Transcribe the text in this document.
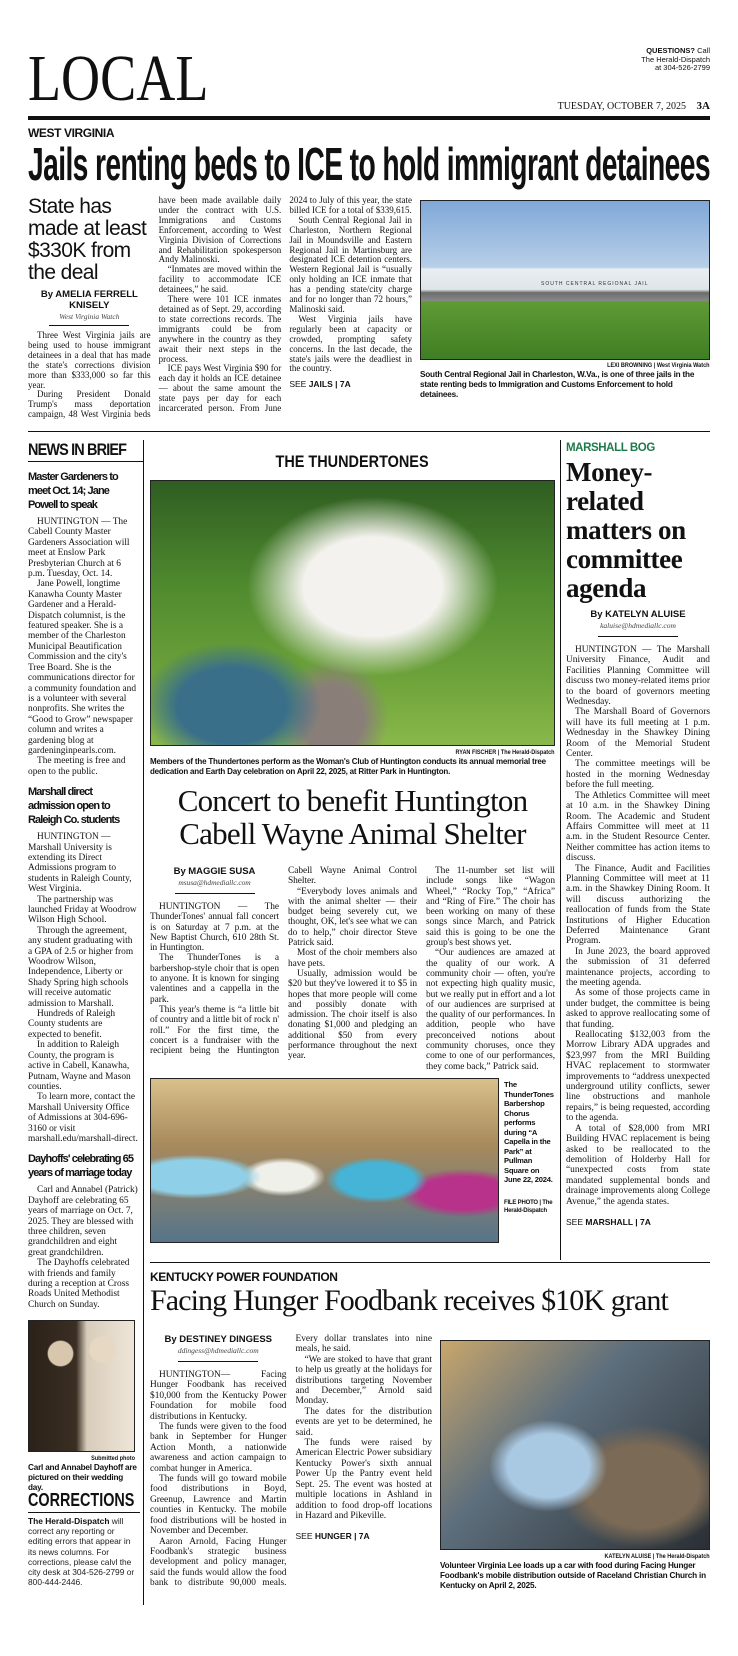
LOCAL	QUESTIONS? Call
The Herald-Dispatch
at 304-526-2799
TUESDAY, OCTOBER 7, 2025 3A
WEST VIRGINIA
Jails renting beds to ICE to hold immigrant detainees
State has made at least $330K from the deal
By AMELIA FERRELL KNISELY
West Virginia Watch

Three West Virginia jails are being used to house immigrant detainees in a deal that has made the state's corrections division more than $333,000 so far this year.

During President Donald Trump's mass deportation campaign, 48 West Virginia beds have been made available daily under the contract with U.S. Immigrations and Customs Enforcement, according to West Virginia Division of Corrections and Rehabilitation spokesperson Andy Malinoski.

“Inmates are moved within the facility to accommodate ICE detainees,” he said.

There were 101 ICE inmates detained as of Sept. 29, according to state corrections records. The immigrants could be from anywhere in the country as they await their next steps in the process.

ICE pays West Virginia $90 for each day it holds an ICE detainee — about the same amount the state pays per day for each incarcerated person. From June 2024 to July of this year, the state billed ICE for a total of $339,615.

South Central Regional Jail in Charleston, Northern Regional Jail in Moundsville and Eastern Regional Jail in Martinsburg are designated ICE detention centers. Western Regional Jail is “usually only holding an ICE inmate that has a pending state/city charge and for no longer than 72 hours,” Malinoski said.

West Virginia jails have regularly been at capacity or crowded, prompting safety concerns. In the last decade, the state's jails were the deadliest in the country.

SEE JAILS | 7A
SOUTH CENTRAL REGIONAL JAIL
LEXI BROWNING | West Virginia Watch
South Central Regional Jail in Charleston, W.Va., is one of three jails in the state renting beds to Immigration and Customs Enforcement to hold detainees.
NEWS IN BRIEF
Master Gardeners to meet Oct. 14; Jane Powell to speak

HUNTINGTON — The Cabell County Master Gardeners Association will meet at Enslow Park Presbyterian Church at 6 p.m. Tuesday, Oct. 14.

Jane Powell, longtime Kanawha County Master Gardener and a Herald-Dispatch columnist, is the featured speaker. She is a member of the Charleston Municipal Beautification Commission and the city's Tree Board. She is the communications director for a community foundation and is a volunteer with several nonprofits. She writes the “Good to Grow” newspaper column and writes a gardening blog at gardeninginpearls.com.

The meeting is free and open to the public.

Marshall direct admission open to Raleigh Co. students

HUNTINGTON — Marshall University is extending its Direct Admissions program to students in Raleigh County, West Virginia.

The partnership was launched Friday at Woodrow Wilson High School.

Through the agreement, any student graduating with a GPA of 2.5 or higher from Woodrow Wilson, Independence, Liberty or Shady Spring high schools will receive automatic admission to Marshall.

Hundreds of Raleigh County students are expected to benefit.

In addition to Raleigh County, the program is active in Cabell, Kanawha, Putnam, Wayne and Mason counties.

To learn more, contact the Marshall University Office of Admissions at 304-696-3160 or visit marshall.edu/marshall-direct.

Dayhoffs' celebrating 65 years of marriage today

Carl and Annabel (Patrick) Dayhoff are celebrating 65 years of marriage on Oct. 7, 2025. They are blessed with three children, seven grandchildren and eight great grandchildren.

The Dayhoffs celebrated with friends and family during a reception at Cross Roads United Methodist Church on Sunday.

Submitted photo
Carl and Annabel Dayhoff are pictured on their wedding day.
CORRECTIONS
The Herald-Dispatch will correct any reporting or editing errors that appear in its news columns. For corrections, please calvl the city desk at 304-526-2799 or 800-444-2446.
THE THUNDERTONES
RYAN FISCHER | The Herald-Dispatch
Members of the Thundertones perform as the Woman's Club of Huntington conducts its annual memorial tree dedication and Earth Day celebration on April 22, 2025, at Ritter Park in Huntington.
Concert to benefit Huntington Cabell Wayne Animal Shelter
By MAGGIE SUSA
msusa@hdmediallc.com

HUNTINGTON — The ThunderTones' annual fall concert is on Saturday at 7 p.m. at the New Baptist Church, 610 28th St. in Huntington.

The ThunderTones is a barbershop-style choir that is open to anyone. It is known for singing valentines and a cappella in the park.

This year's theme is “a little bit of country and a little bit of rock n' roll.” For the first time, the concert is a fundraiser with the recipient being the Huntington Cabell Wayne Animal Control Shelter.

“Everybody loves animals and with the animal shelter — their budget being severely cut, we thought, OK, let's see what we can do to help,” choir director Steve Patrick said.

Most of the choir members also have pets.

Usually, admission would be $20 but they've lowered it to $5 in hopes that more people will come and possibly donate with admission. The choir itself is also donating $1,000 and pledging an additional $50 from every performance throughout the next year.

The 11-number set list will include songs like “Wagon Wheel,” “Rocky Top,” “Africa” and “Ring of Fire.” The choir has been working on many of these songs since March, and Patrick said this is going to be one the group's best shows yet.

“Our audiences are amazed at the quality of our work. A community choir — often, you're not expecting high quality music, but we really put in effort and a lot of our audiences are surprised at the quality of our performances. In addition, people who have preconceived notions about community choruses, once they come to one of our performances, they come back,” Patrick said.

The ThunderTones Barbershop Chorus performs during “A Capella in the Park” at Pullman Square on June 22, 2024.
FILE PHOTO | The Herald-Dispatch
MARSHALL BOG
Money-related matters on committee agenda
By KATELYN ALUISE
kaluise@hdmediallc.com

HUNTINGTON — The Marshall University Finance, Audit and Facilities Planning Committee will discuss two money-related items prior to the board of governors meeting Wednesday.

The Marshall Board of Governors will have its full meeting at 1 p.m. Wednesday in the Shawkey Dining Room of the Memorial Student Center.

The committee meetings will be hosted in the morning Wednesday before the full meeting.

The Athletics Committee will meet at 10 a.m. in the Shawkey Dining Room. The Academic and Student Affairs Committee will meet at 11 a.m. in the Student Resource Center. Neither committee has action items to discuss.

The Finance, Audit and Facilities Planning Committee will meet at 11 a.m. in the Shawkey Dining Room. It will discuss authorizing the reallocation of funds from the State Institutions of Higher Education Deferred Maintenance Grant Program.

In June 2023, the board approved the submission of 31 deferred maintenance projects, according to the meeting agenda.

As some of those projects came in under budget, the committee is being asked to approve reallocating some of that funding.

Reallocating $132,003 from the Morrow Library ADA upgrades and $23,997 from the MRI Building HVAC replacement to stormwater improvements to “address unexpected underground utility conflicts, sewer line obstructions and manhole repairs,” is being requested, according to the agenda.

A total of $28,000 from MRI Building HVAC replacement is being asked to be reallocated to the demolition of Holderby Hall for “unexpected costs from state mandated supplemental bonds and drainage improvements along College Avenue,” the agenda states.

SEE MARSHALL | 7A
KENTUCKY POWER FOUNDATION
Facing Hunger Foodbank receives $10K grant
By DESTINEY DINGESS
ddingess@hdmediallc.com

HUNTINGTON— Facing Hunger Foodbank has received $10,000 from the Kentucky Power Foundation for mobile food distributions in Kentucky.

The funds were given to the food bank in September for Hunger Action Month, a nationwide awareness and action campaign to combat hunger in America.

The funds will go toward mobile food distributions in Boyd, Greenup, Lawrence and Martin counties in Kentucky. The mobile food distributions will be hosted in November and December.

Aaron Arnold, Facing Hunger Foodbank's strategic business development and policy manager, said the funds would allow the food bank to distribute 90,000 meals. Every dollar translates into nine meals, he said.

“We are stoked to have that grant to help us greatly at the holidays for distributions targeting November and December,” Arnold said Monday.

The dates for the distribution events are yet to be determined, he said.

The funds were raised by American Electric Power subsidiary Kentucky Power's sixth annual Power Up the Pantry event held Sept. 25. The event was hosted at multiple locations in Ashland in addition to food drop-off locations in Hazard and Pikeville.

SEE HUNGER | 7A
KATELYN ALUISE | The Herald-Dispatch
Volunteer Virginia Lee loads up a car with food during Facing Hunger Foodbank's mobile distribution outside of Raceland Christian Church in Kentucky on April 2, 2025.
